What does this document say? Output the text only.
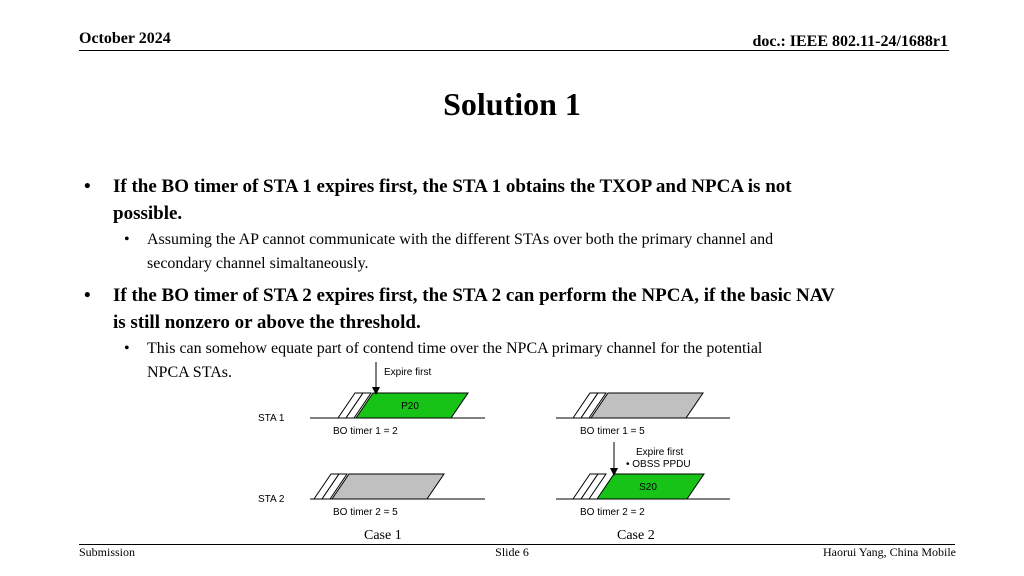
October 2024	doc.: IEEE 802.11-24/1688r1
Solution 1
• If the BO timer of STA 1 expires first, the STA 1 obtains the TXOP and NPCA is not
possible.
• Assuming the AP cannot communicate with the different STAs over both the primary channel and
secondary channel simaltaneously.
• If the BO timer of STA 2 expires first, the STA 2 can perform the NPCA, if the basic NAV
is still nonzero or above the threshold.
• This can somehow equate part of contend time over the NPCA primary channel for the potential
NPCA STAs.
STA 1
STA 2
P20
Expire first
BO timer 1 = 2
BO timer 2 = 5
BO timer 1 = 5
S20
Expire first
• OBSS PPDU
BO timer 2 = 2
Case 1	Case 2
Submission	Slide 6	Haorui Yang, China Mobile
